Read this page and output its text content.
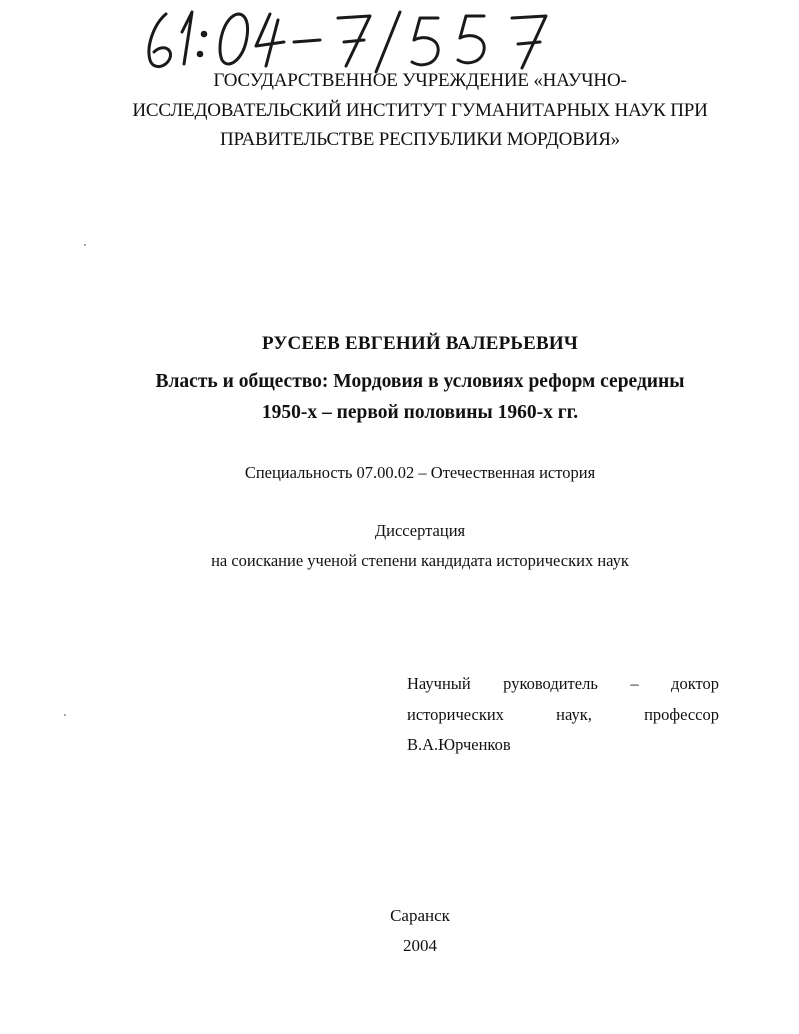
ГОСУДАРСТВЕННОЕ УЧРЕЖДЕНИЕ «НАУЧНО-
ИССЛЕДОВАТЕЛЬСКИЙ ИНСТИТУТ ГУМАНИТАРНЫХ НАУК ПРИ
ПРАВИТЕЛЬСТВЕ РЕСПУБЛИКИ МОРДОВИЯ»
РУСЕЕВ ЕВГЕНИЙ ВАЛЕРЬЕВИЧ
Власть и общество: Мордовия в условиях реформ середины
1950-х – первой половины 1960-х гг.
Специальность 07.00.02 – Отечественная история
Диссертация
на соискание ученой степени кандидата исторических наук
Научный руководитель – доктор
исторических	наук,	профессор
В.А.Юрченков
Саранск
2004
